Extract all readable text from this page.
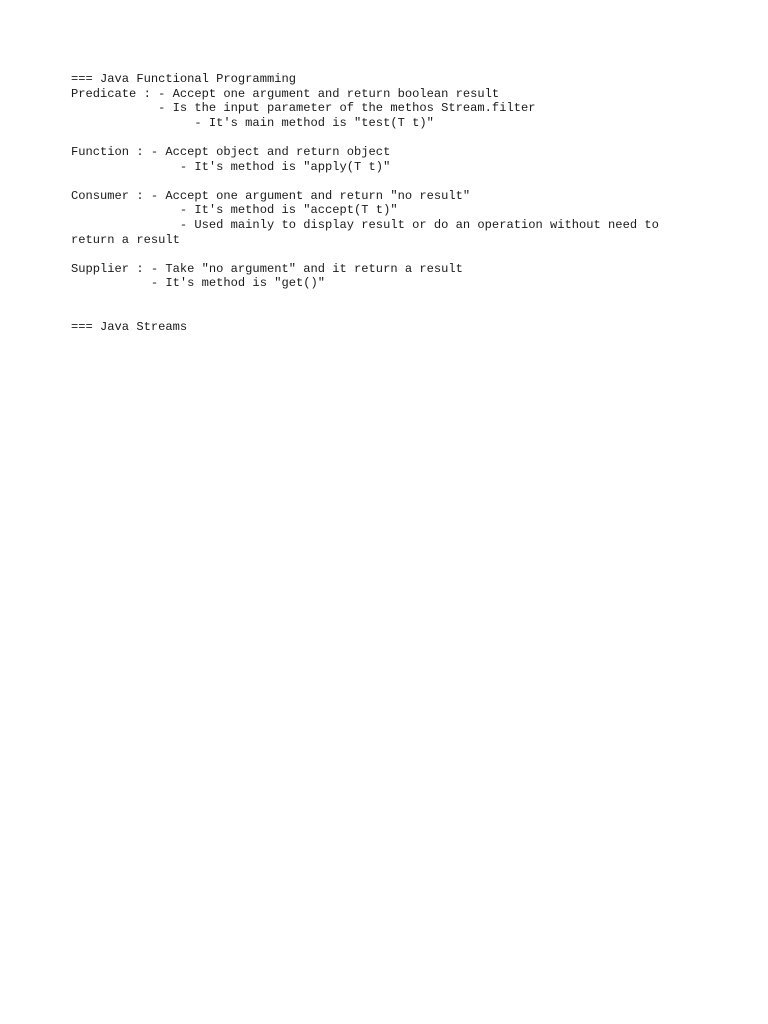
=== Java Functional Programming
Predicate : - Accept one argument and return boolean result
- Is the input parameter of the methos Stream.filter
- It's main method is "test(T t)"
Function : - Accept object and return object
- It's method is "apply(T t)"
Consumer : - Accept one argument and return "no result"
- It's method is "accept(T t)"
- Used mainly to display result or do an operation without need to
return a result
Supplier : - Take "no argument" and it return a result
- It's method is "get()"
=== Java Streams
